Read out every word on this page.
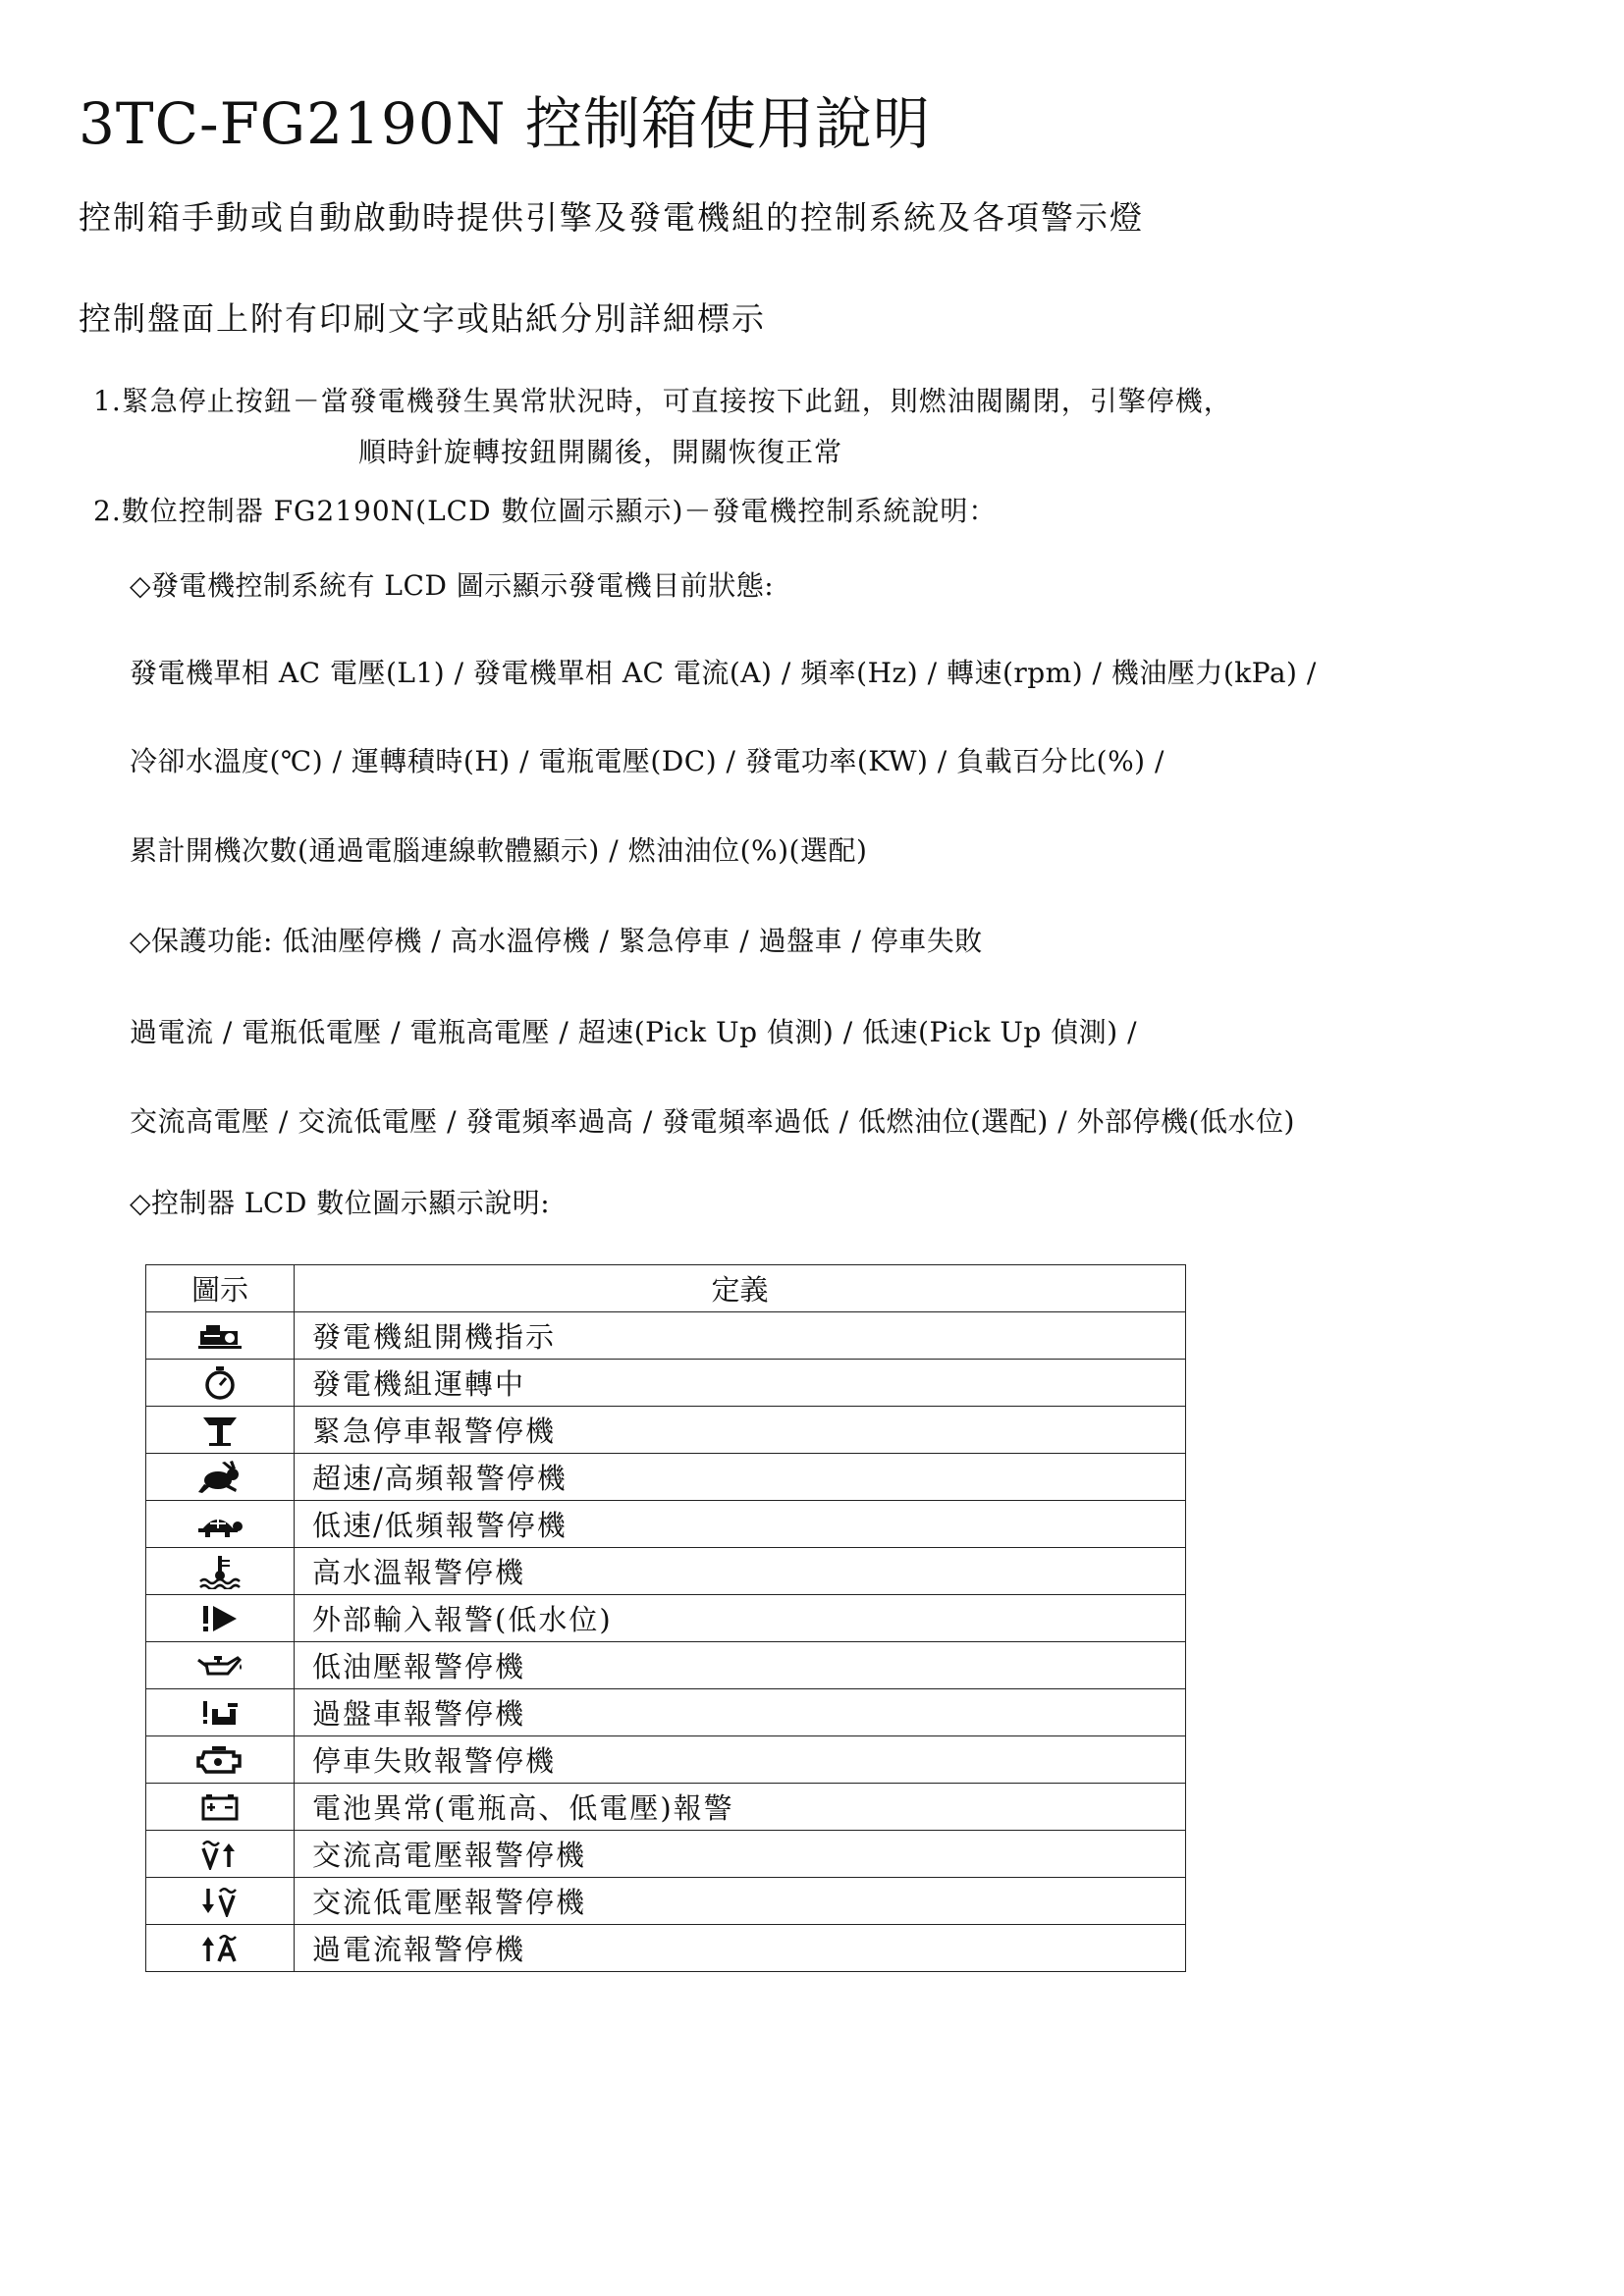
3TC-FG2190N 控制箱使用說明

控制箱手動或自動啟動時提供引擎及發電機組的控制系統及各項警示燈

控制盤面上附有印刷文字或貼紙分別詳細標示

1.緊急停止按鈕－當發電機發生異常狀況時，可直接按下此鈕，則燃油閥關閉，引擎停機，

順時針旋轉按鈕開關後，開關恢復正常

2.數位控制器 FG2190N(LCD 數位圖示顯示)－發電機控制系統說明：

◇發電機控制系統有 LCD 圖示顯示發電機目前狀態:

發電機單相 AC 電壓(L1) / 發電機單相 AC 電流(A) / 頻率(Hz) / 轉速(rpm) / 機油壓力(kPa) /

冷卻水溫度(℃) / 運轉積時(H) / 電瓶電壓(DC) / 發電功率(KW) / 負載百分比(%) /

累計開機次數(通過電腦連線軟體顯示) / 燃油油位(%)(選配)

◇保護功能: 低油壓停機 / 高水溫停機 / 緊急停車 / 過盤車 / 停車失敗

過電流 / 電瓶低電壓 / 電瓶高電壓 / 超速(Pick Up 偵測) / 低速(Pick Up 偵測) /

交流高電壓 / 交流低電壓 / 發電頻率過高 / 發電頻率過低 / 低燃油位(選配) / 外部停機(低水位)

◇控制器 LCD 數位圖示顯示說明:

圖示	定義

	發電機組開機指示

	發電機組運轉中

	緊急停車報警停機

	超速/高頻報警停機

	低速/低頻報警停機

	高水溫報警停機

	外部輸入報警(低水位)

	低油壓報警停機

	過盤車報警停機

	停車失敗報警停機

	電池異常(電瓶高、低電壓)報警

	交流高電壓報警停機

	交流低電壓報警停機

	過電流報警停機
